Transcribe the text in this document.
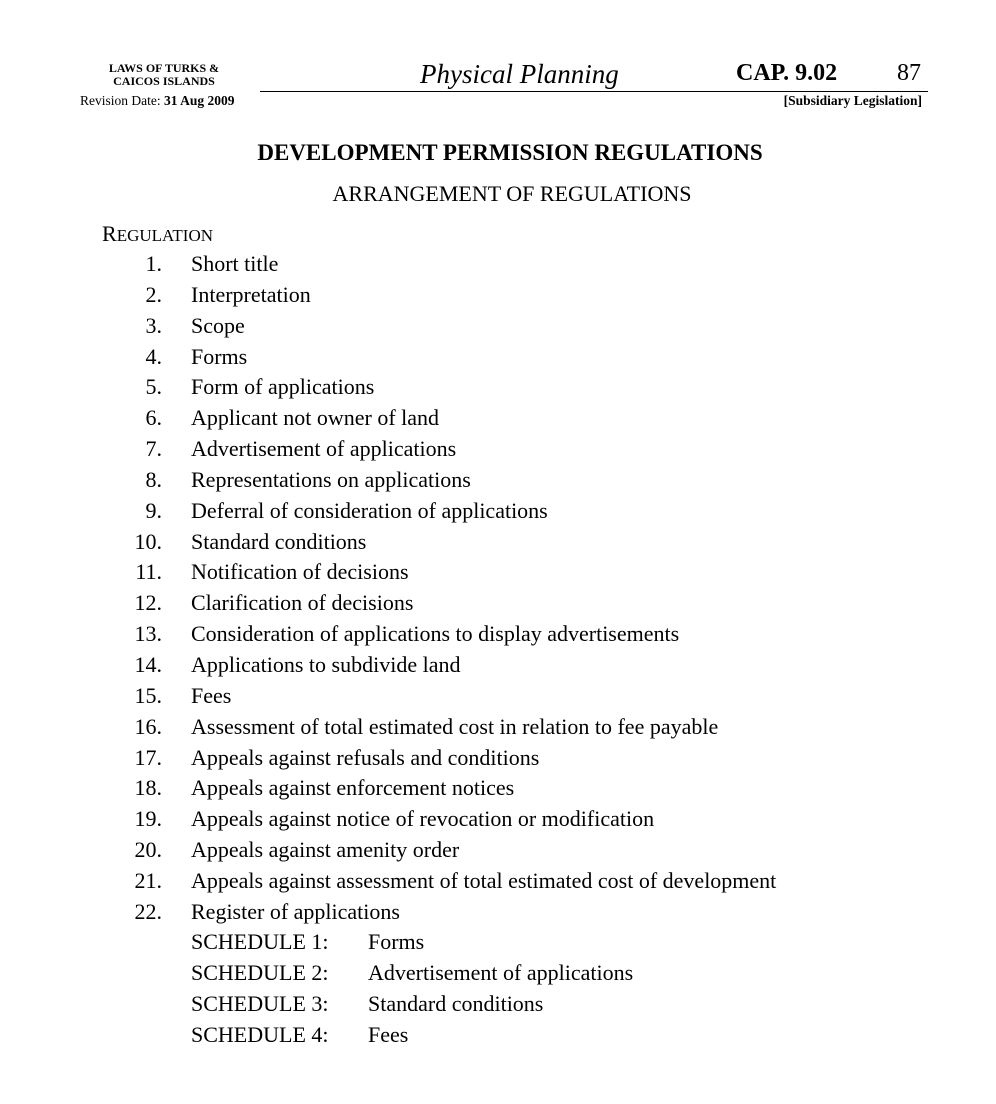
LAWS OF TURKS &
CAICOS ISLANDS
Revision Date: 31 Aug 2009
Physical Planning	CAP. 9.02 87
[Subsidiary Legislation]
DEVELOPMENT PERMISSION REGULATIONS
ARRANGEMENT OF REGULATIONS
REGULATION
1. Short title
2. Interpretation
3. Scope
4. Forms
5. Form of applications
6. Applicant not owner of land
7. Advertisement of applications
8. Representations on applications
9. Deferral of consideration of applications
10. Standard conditions
11. Notification of decisions
12. Clarification of decisions
13. Consideration of applications to display advertisements
14. Applications to subdivide land
15. Fees
16. Assessment of total estimated cost in relation to fee payable
17. Appeals against refusals and conditions
18. Appeals against enforcement notices
19. Appeals against notice of revocation or modification
20. Appeals against amenity order
21. Appeals against assessment of total estimated cost of development
22. Register of applications
SCHEDULE 1: Forms
SCHEDULE 2: Advertisement of applications
SCHEDULE 3: Standard conditions
SCHEDULE 4: Fees
